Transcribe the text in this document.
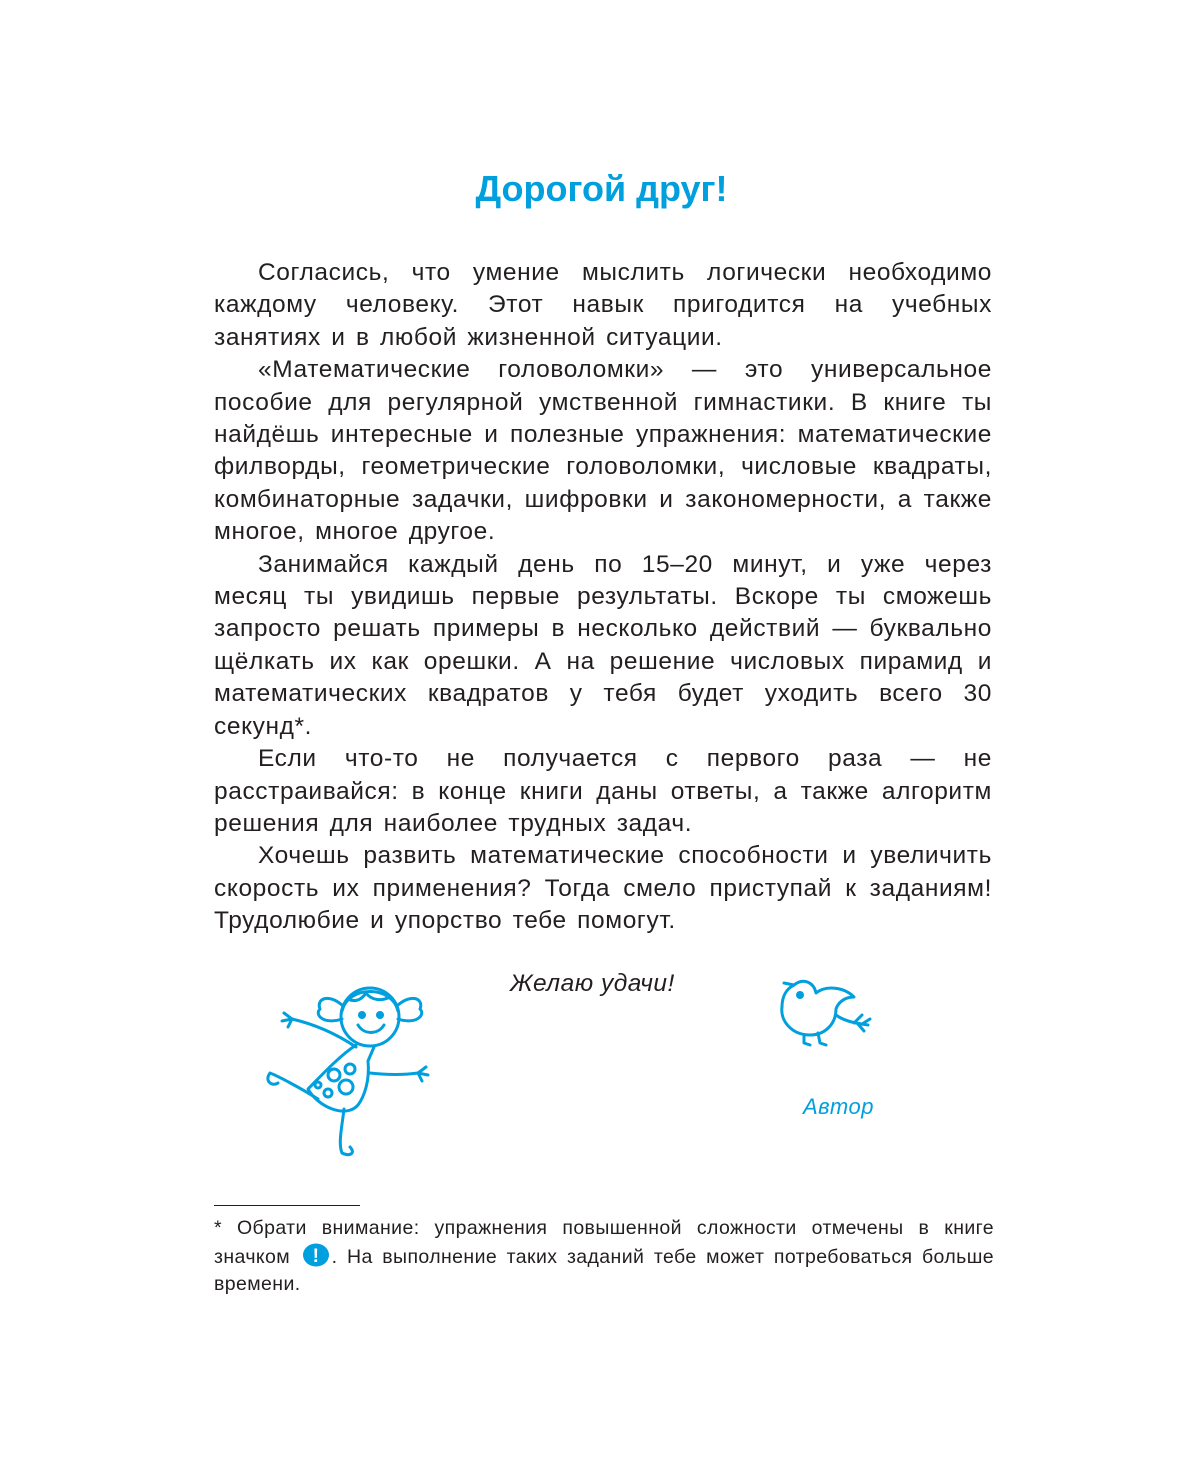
Дорогой друг!

Согласись, что умение мыслить логически необходимо каждому человеку. Этот навык пригодится на учебных занятиях и в любой жизненной ситуации.

«Математические головоломки» — это универсальное пособие для регулярной умственной гимнастики. В книге ты найдёшь интересные и полезные упражнения: математические филворды, геометрические головоломки, числовые квадраты, комбинаторные задачки, шифровки и закономерности, а также многое, многое другое.

Занимайся каждый день по 15–20 минут, и уже через месяц ты увидишь первые результаты. Вскоре ты сможешь запросто решать примеры в несколько действий — буквально щёлкать их как орешки. А на решение числовых пирамид и математических квадратов у тебя будет уходить всего 30 секунд*.

Если что-то не получается с первого раза — не расстраивайся: в конце книги даны ответы, а также алгоритм решения для наиболее трудных задач.

Хочешь развить математические способности и увеличить скорость их применения? Тогда смело приступай к заданиям! Трудолюбие и упорство тебе помогут.

Желаю удачи!
Автор

* Обрати внимание: упражнения повышенной сложности отмечены в книге значком ! . На выполнение таких заданий тебе может потребоваться больше времени.
